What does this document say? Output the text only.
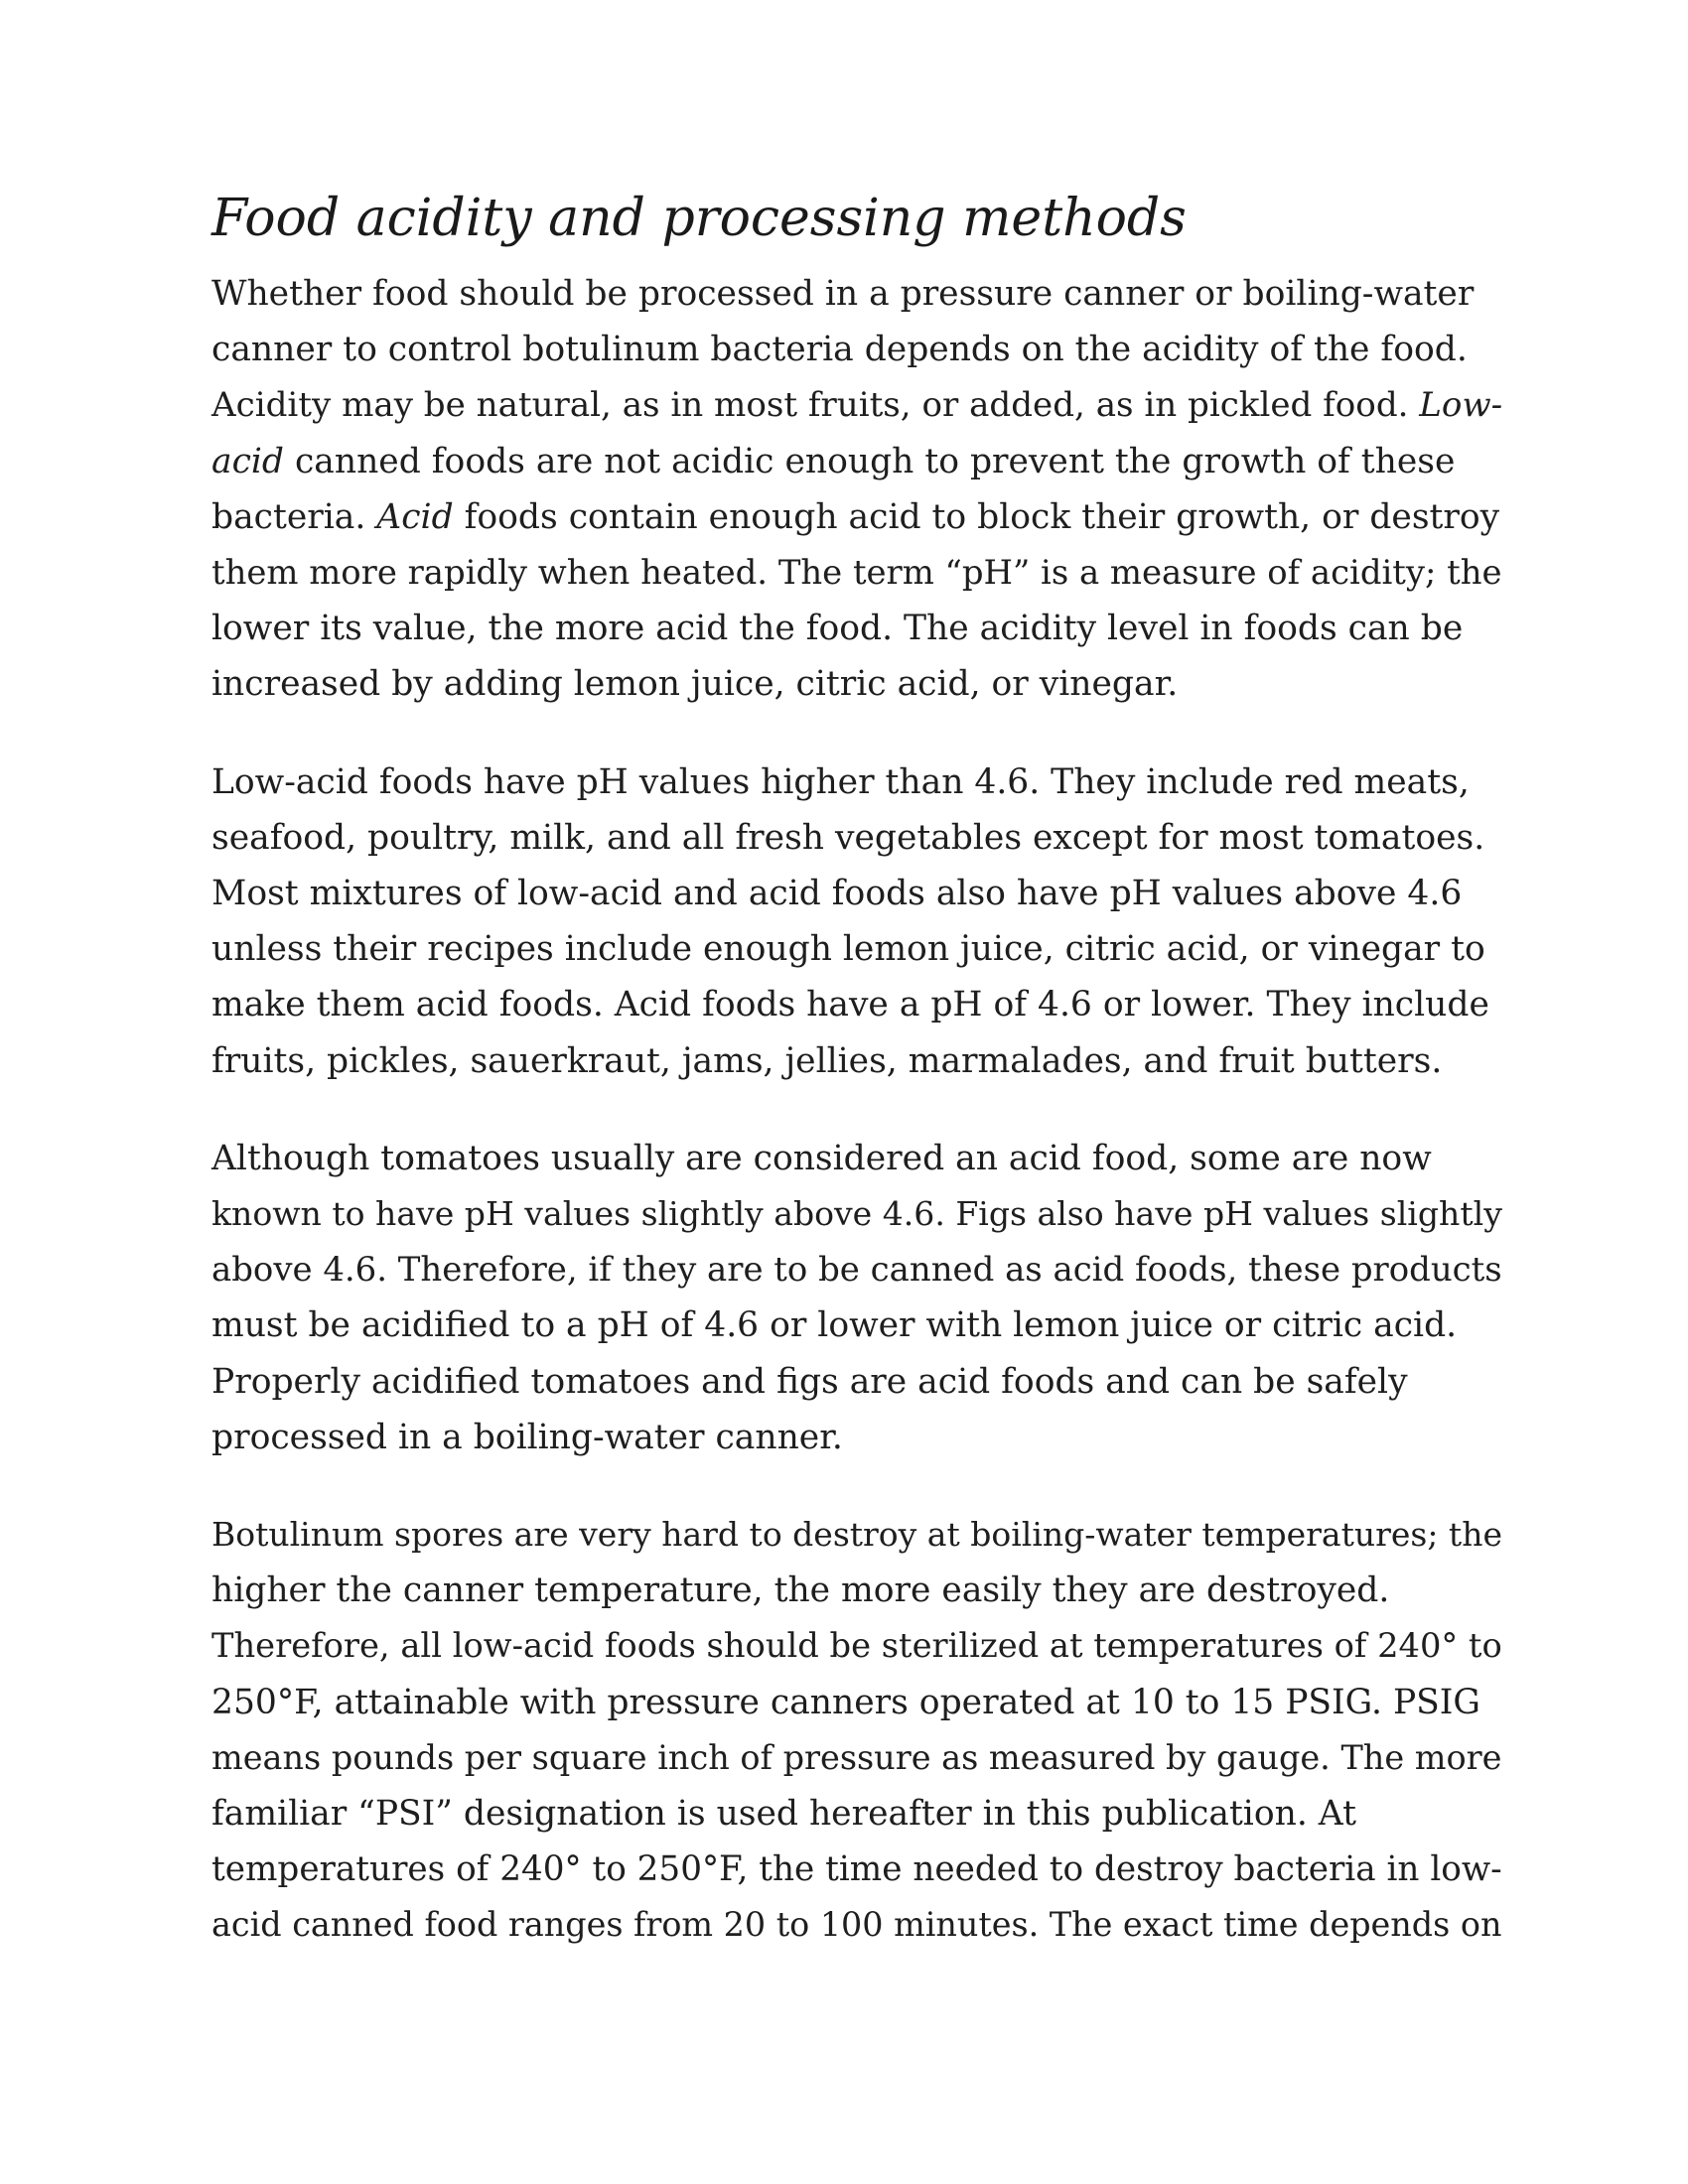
Food acidity and processing methods
Whether food should be processed in a pressure canner or boiling-water
canner to control botulinum bacteria depends on the acidity of the food.
Acidity may be natural, as in most fruits, or added, as in pickled food. Low-
acid canned foods are not acidic enough to prevent the growth of these
bacteria. Acid foods contain enough acid to block their growth, or destroy
them more rapidly when heated. The term “pH” is a measure of acidity; the
lower its value, the more acid the food. The acidity level in foods can be
increased by adding lemon juice, citric acid, or vinegar.
Low-acid foods have pH values higher than 4.6. They include red meats,
seafood, poultry, milk, and all fresh vegetables except for most tomatoes.
Most mixtures of low-acid and acid foods also have pH values above 4.6
unless their recipes include enough lemon juice, citric acid, or vinegar to
make them acid foods. Acid foods have a pH of 4.6 or lower. They include
fruits, pickles, sauerkraut, jams, jellies, marmalades, and fruit butters.
Although tomatoes usually are considered an acid food, some are now
known to have pH values slightly above 4.6. Figs also have pH values slightly
above 4.6. Therefore, if they are to be canned as acid foods, these products
must be acidified to a pH of 4.6 or lower with lemon juice or citric acid.
Properly acidified tomatoes and figs are acid foods and can be safely
processed in a boiling-water canner.
Botulinum spores are very hard to destroy at boiling-water temperatures; the
higher the canner temperature, the more easily they are destroyed.
Therefore, all low-acid foods should be sterilized at temperatures of 240° to
250°F, attainable with pressure canners operated at 10 to 15 PSIG. PSIG
means pounds per square inch of pressure as measured by gauge. The more
familiar “PSI” designation is used hereafter in this publication. At
temperatures of 240° to 250°F, the time needed to destroy bacteria in low-
acid canned food ranges from 20 to 100 minutes. The exact time depends on
